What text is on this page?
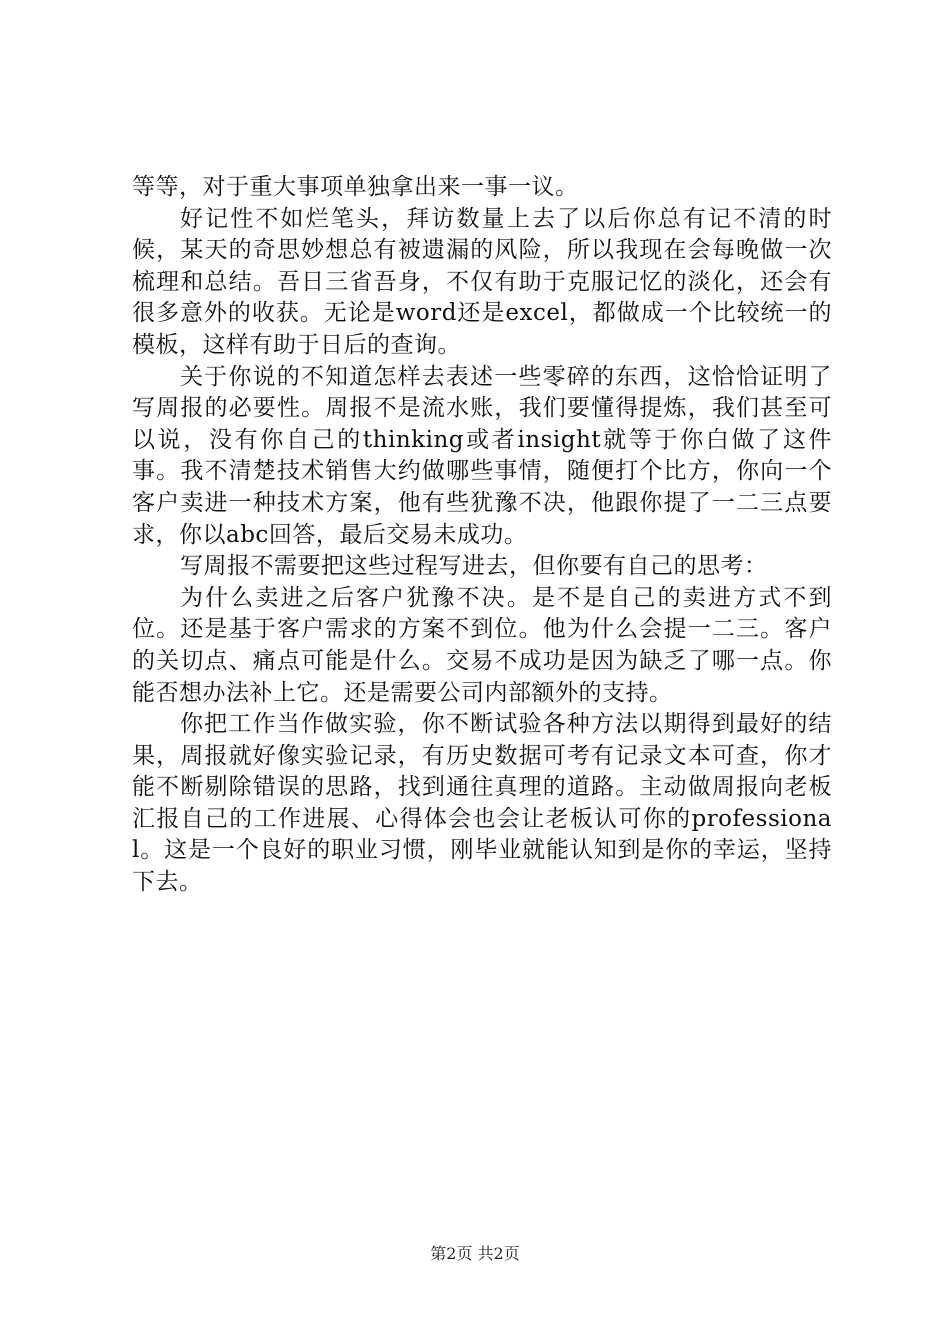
等等，对于重大事项单独拿出来一事一议。

好记性不如烂笔头，拜访数量上去了以后你总有记不清的时候，某天的奇思妙想总有被遗漏的风险，所以我现在会每晚做一次梳理和总结。吾日三省吾身，不仅有助于克服记忆的淡化，还会有很多意外的收获。无论是word还是excel，都做成一个比较统一的模板，这样有助于日后的查询。

关于你说的不知道怎样去表述一些零碎的东西，这恰恰证明了写周报的必要性。周报不是流水账，我们要懂得提炼，我们甚至可以说，没有你自己的thinking或者insight就等于你白做了这件事。我不清楚技术销售大约做哪些事情，随便打个比方，你向一个客户卖进一种技术方案，他有些犹豫不决，他跟你提了一二三点要求，你以abc回答，最后交易未成功。

写周报不需要把这些过程写进去，但你要有自己的思考：

为什么卖进之后客户犹豫不决。是不是自己的卖进方式不到位。还是基于客户需求的方案不到位。他为什么会提一二三。客户的关切点、痛点可能是什么。交易不成功是因为缺乏了哪一点。你能否想办法补上它。还是需要公司内部额外的支持。

你把工作当作做实验，你不断试验各种方法以期得到最好的结果，周报就好像实验记录，有历史数据可考有记录文本可查，你才能不断剔除错误的思路，找到通往真理的道路。主动做周报向老板汇报自己的工作进展、心得体会也会让老板认可你的professional。这是一个良好的职业习惯，刚毕业就能认知到是你的幸运，坚持下去。

第2页 共2页
